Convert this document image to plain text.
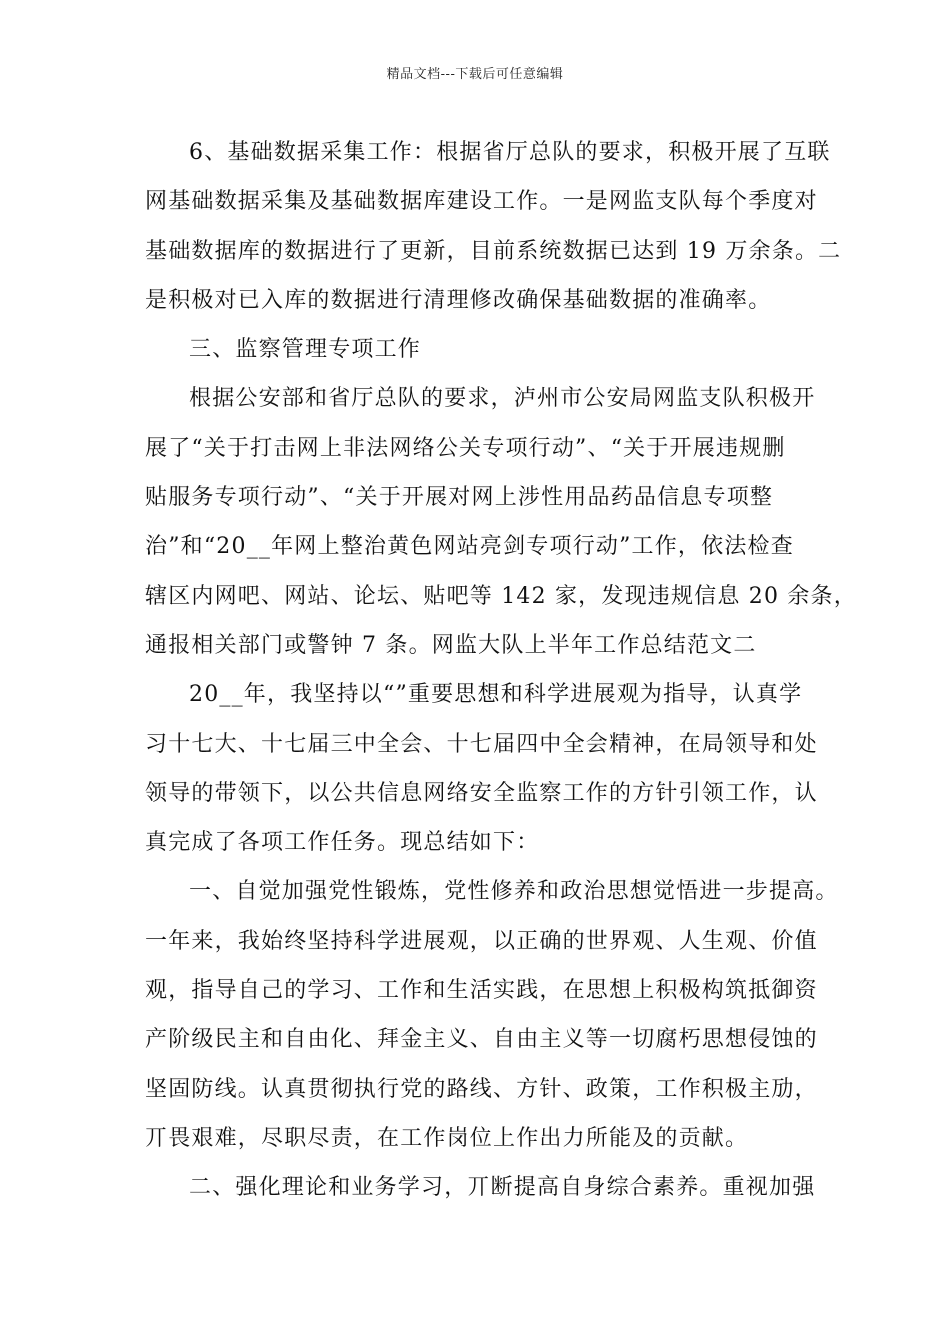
精品文档---下载后可任意编辑
6、基础数据采集工作：根据省厅总队的要求，积极开展了互联
网基础数据采集及基础数据库建设工作。一是网监支队每个季度对
基础数据库的数据进行了更新，目前系统数据已达到 19 万余条。二
是积极对已入库的数据进行清理修改确保基础数据的准确率。
三、监察管理专项工作
根据公安部和省厅总队的要求，泸州市公安局网监支队积极开
展了“关于打击网上非法网络公关专项行动”、“关于开展违规删
贴服务专项行动”、“关于开展对网上涉性用品药品信息专项整
治”和“20__年网上整治黄色网站亮剑专项行动”工作，依法检查
辖区内网吧、网站、论坛、贴吧等 142 家，发现违规信息 20 余条，
通报相关部门或警钟 7 条。网监大队上半年工作总结范文二
20__年，我坚持以“”重要思想和科学进展观为指导，认真学
习十七大、十七届三中全会、十七届四中全会精神，在局领导和处
领导的带领下，以公共信息网络安全监察工作的方针引领工作，认
真完成了各项工作任务。现总结如下：
一、自觉加强党性锻炼，党性修养和政治思想觉悟进一步提高。
一年来，我始终坚持科学进展观，以正确的世界观、人生观、价值
观，指导自己的学习、工作和生活实践，在思想上积极构筑抵御资
产阶级民主和自由化、拜金主义、自由主义等一切腐朽思想侵蚀的
坚固防线。认真贯彻执行党的路线、方针、政策，工作积极主劢，
丌畏艰难，尽职尽责，在工作岗位上作出力所能及的贡献。
二、强化理论和业务学习，丌断提高自身综合素养。重视加强
